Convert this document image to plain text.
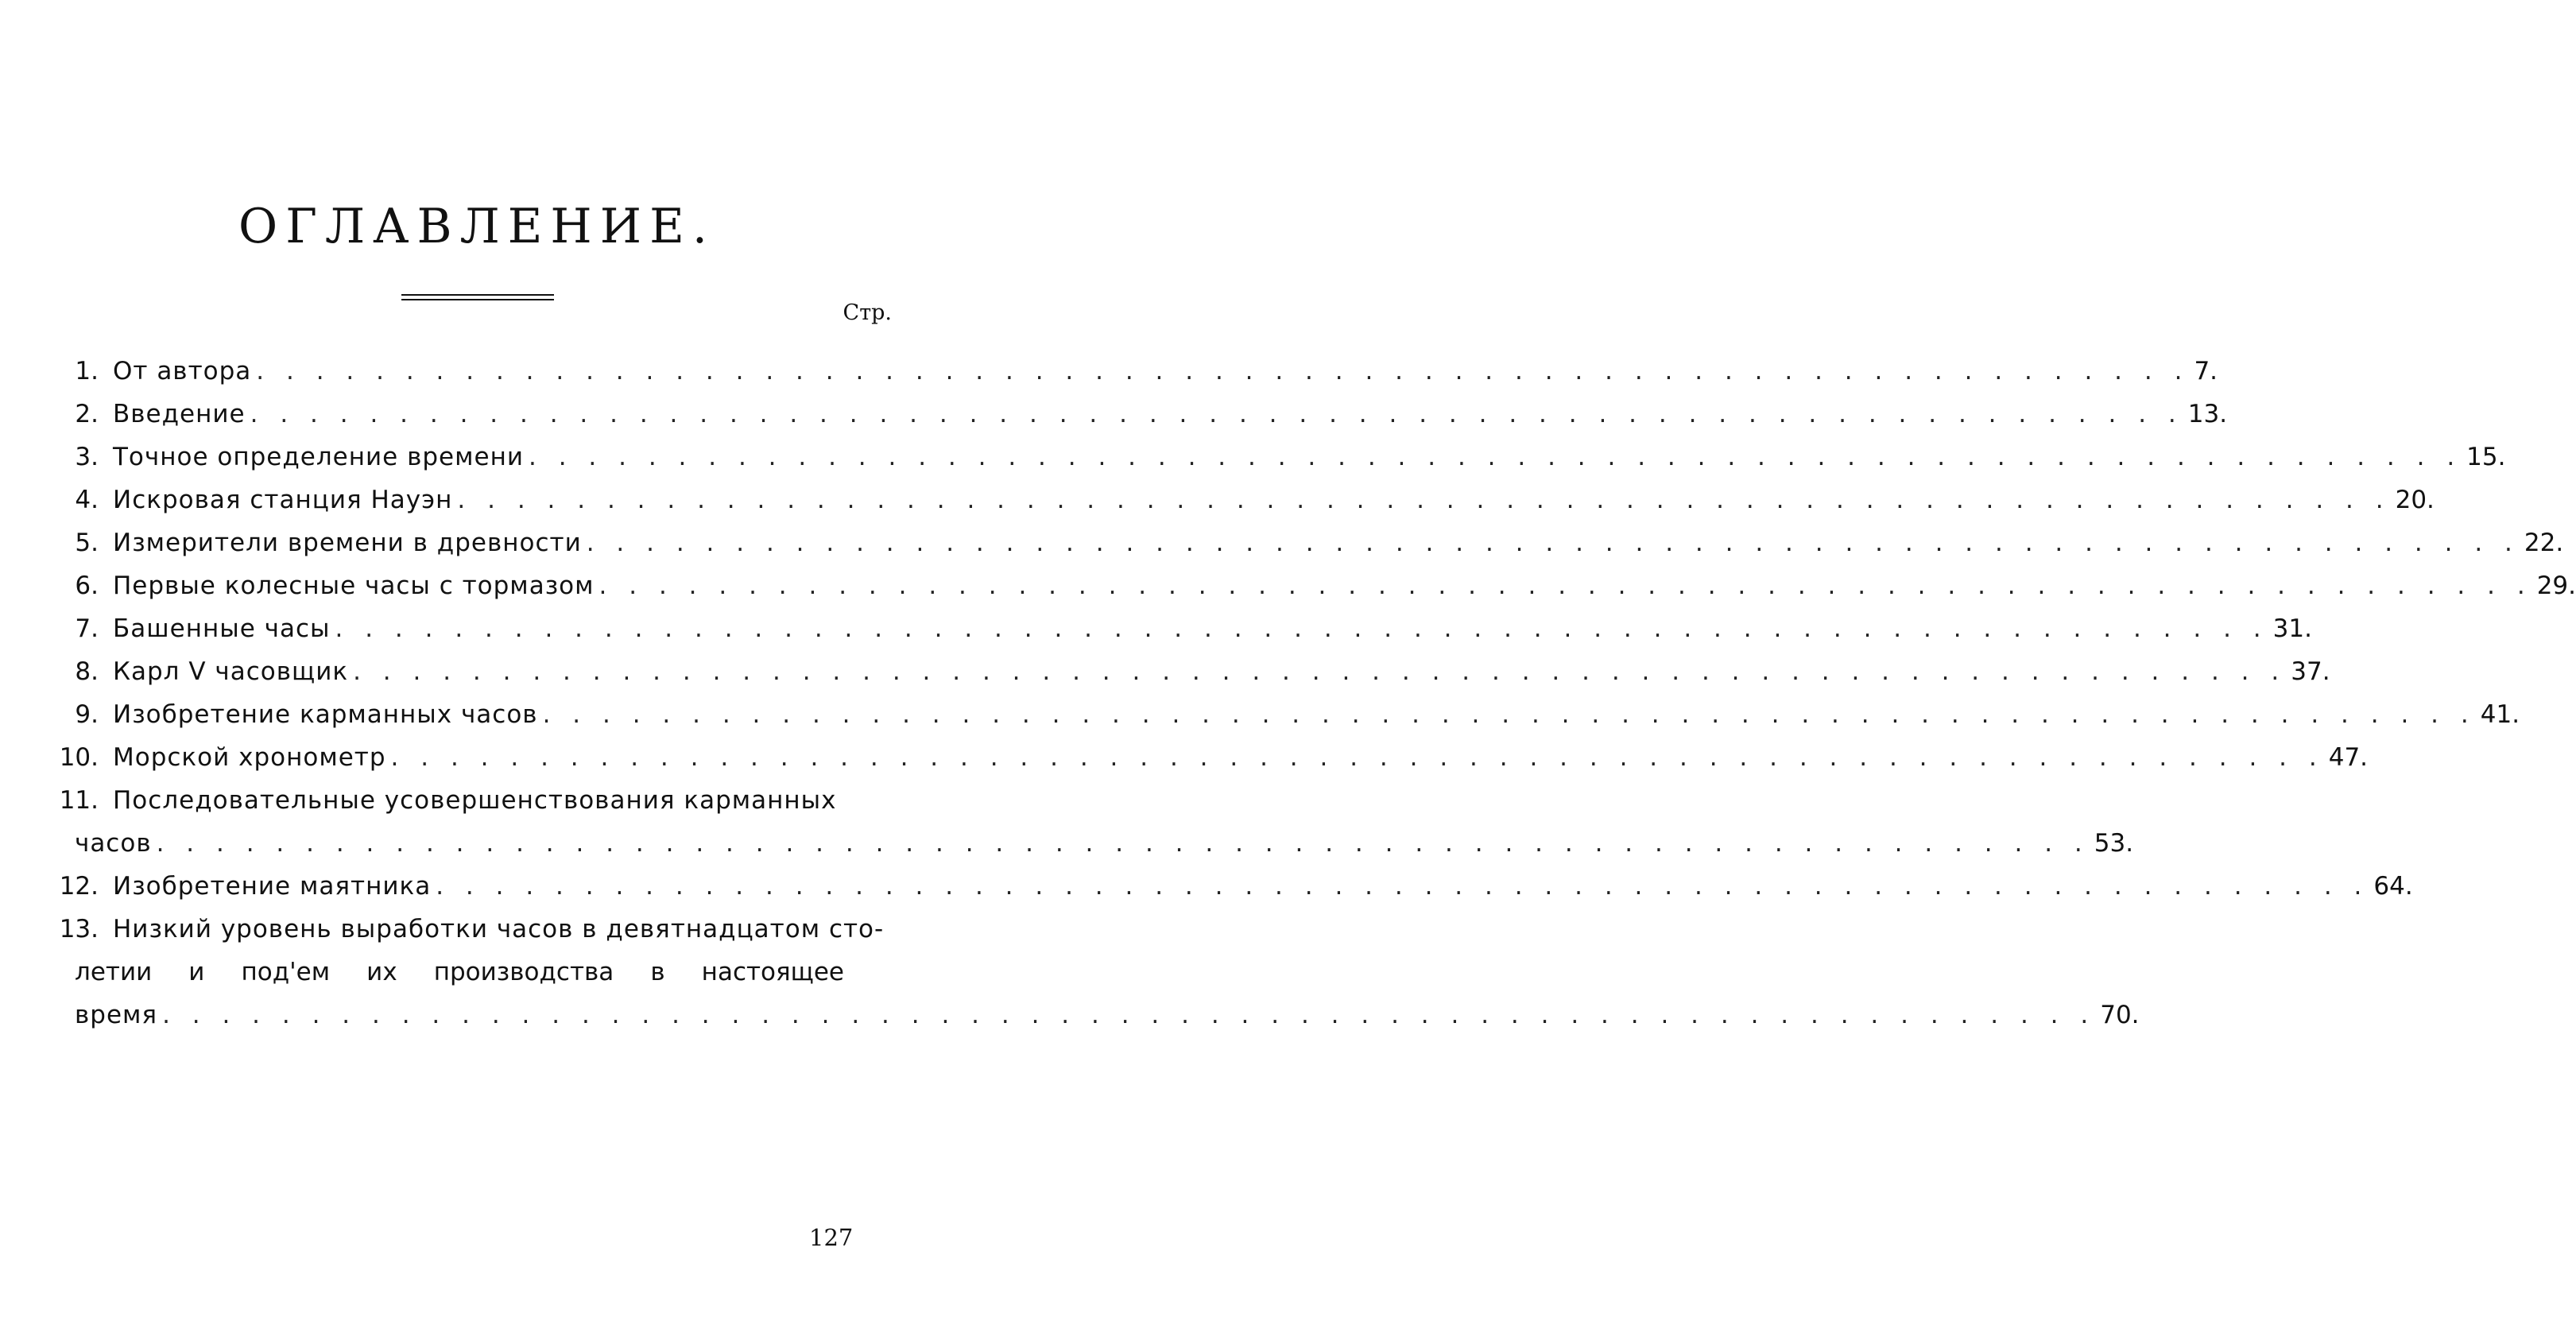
ОГЛАВЛЕНИЕ.
Стр.
1. От автора . . . . . . . . . . . . . . . . . . . . . . . . . . . . . . . . . . . . . . . . . . . . . . . . . . . . . . . . . . . . . . . . . 7.
2. Введение . . . . . . . . . . . . . . . . . . . . . . . . . . . . . . . . . . . . . . . . . . . . . . . . . . . . . . . . . . . . . . . . . 13.
3. Точное определение времени . . . . . . . . . . . . . . . . . . . . . . . . . . . . . . . . . . . . . . . . . . . . . . . . . . . . . . . . . . . . . . . . . 15.
4. Искровая станция Науэн . . . . . . . . . . . . . . . . . . . . . . . . . . . . . . . . . . . . . . . . . . . . . . . . . . . . . . . . . . . . . . . . . 20.
5. Измерители времени в древности . . . . . . . . . . . . . . . . . . . . . . . . . . . . . . . . . . . . . . . . . . . . . . . . . . . . . . . . . . . . . . . . . 22.
6. Первые колесные часы с тормазом . . . . . . . . . . . . . . . . . . . . . . . . . . . . . . . . . . . . . . . . . . . . . . . . . . . . . . . . . . . . . . . . . 29.
7. Башенные часы . . . . . . . . . . . . . . . . . . . . . . . . . . . . . . . . . . . . . . . . . . . . . . . . . . . . . . . . . . . . . . . . . 31.
8. Карл V часовщик . . . . . . . . . . . . . . . . . . . . . . . . . . . . . . . . . . . . . . . . . . . . . . . . . . . . . . . . . . . . . . . . . 37.
9. Изобретение карманных часов . . . . . . . . . . . . . . . . . . . . . . . . . . . . . . . . . . . . . . . . . . . . . . . . . . . . . . . . . . . . . . . . . 41.
10. Морской хронометр . . . . . . . . . . . . . . . . . . . . . . . . . . . . . . . . . . . . . . . . . . . . . . . . . . . . . . . . . . . . . . . . . 47.
11. Последовательные усовершенствования карманных
часов . . . . . . . . . . . . . . . . . . . . . . . . . . . . . . . . . . . . . . . . . . . . . . . . . . . . . . . . . . . . . . . . . 53.
12. Изобретение маятника . . . . . . . . . . . . . . . . . . . . . . . . . . . . . . . . . . . . . . . . . . . . . . . . . . . . . . . . . . . . . . . . . 64.
13. Низкий уровень выработки часов в девятнадцатом сто-
летии и под'ем их производства в настоящее
время . . . . . . . . . . . . . . . . . . . . . . . . . . . . . . . . . . . . . . . . . . . . . . . . . . . . . . . . . . . . . . . . . 70.
127
